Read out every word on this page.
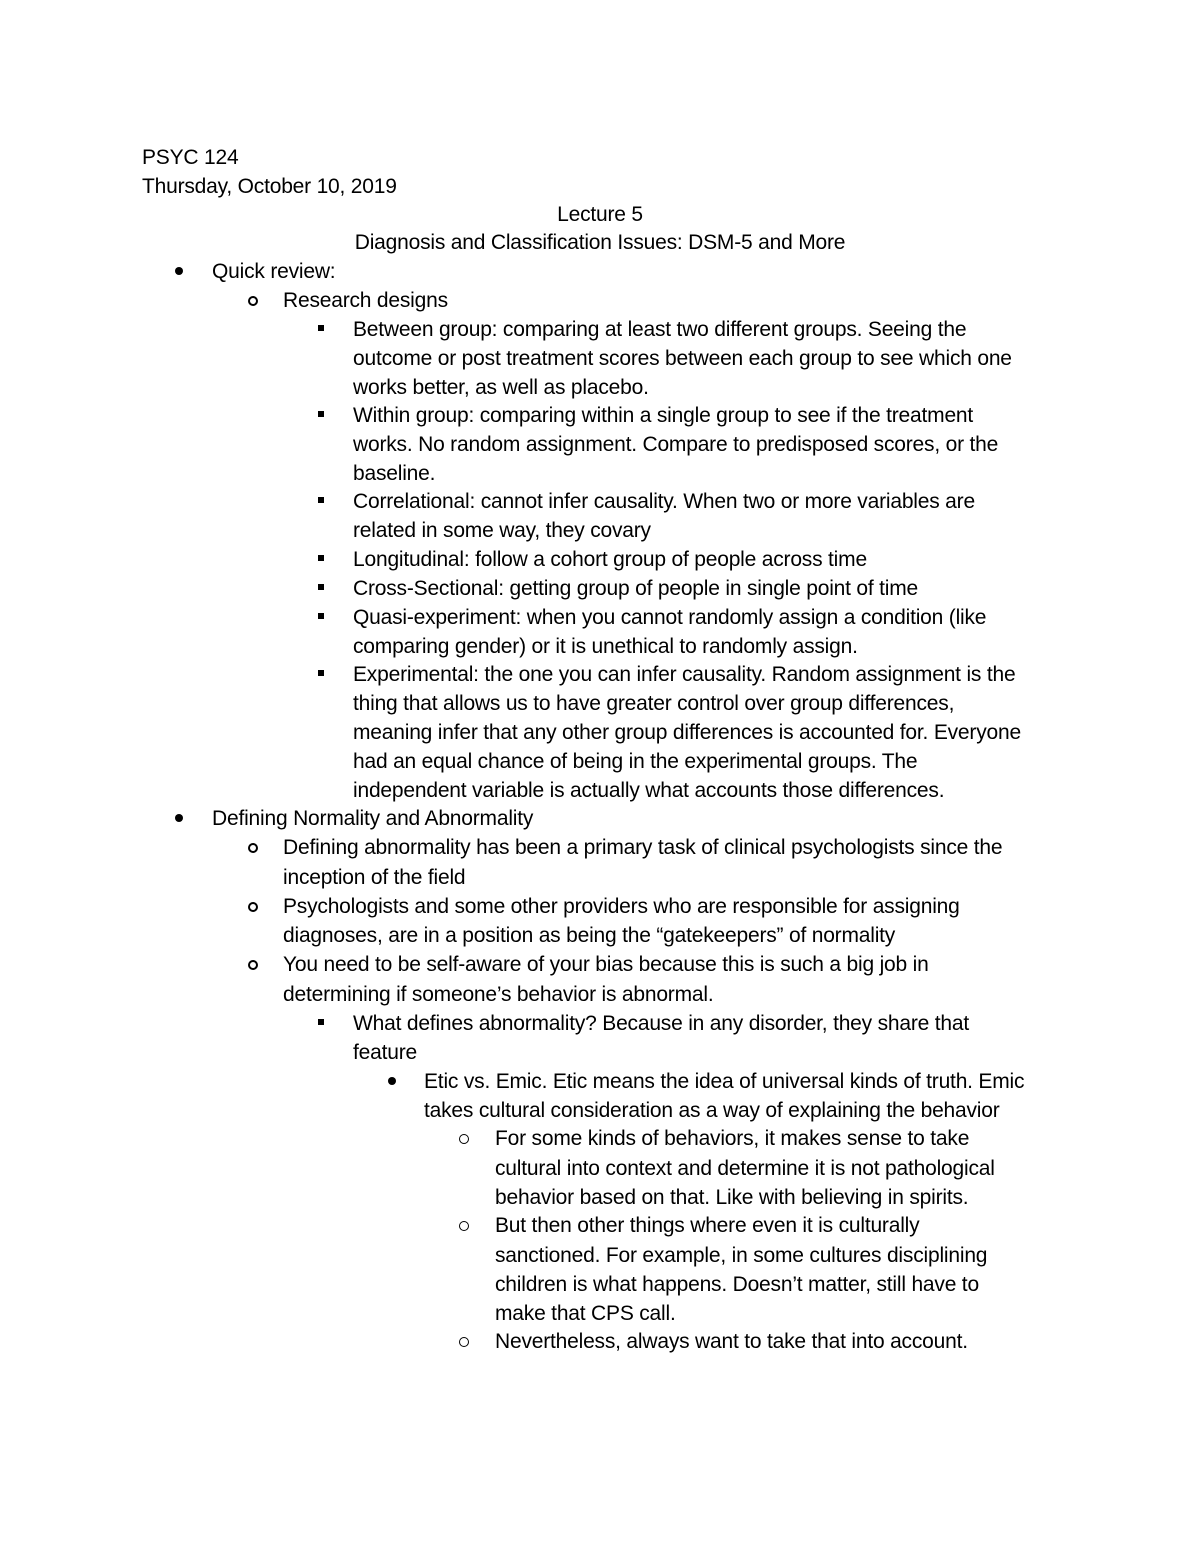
PSYC 124
Thursday, October 10, 2019
Lecture 5
Diagnosis and Classification Issues: DSM-5 and More
Quick review:
Research designs
Between group: comparing at least two different groups. Seeing the
outcome or post treatment scores between each group to see which one
works better, as well as placebo.
Within group: comparing within a single group to see if the treatment
works. No random assignment. Compare to predisposed scores, or the
baseline.
Correlational: cannot infer causality. When two or more variables are
related in some way, they covary
Longitudinal: follow a cohort group of people across time
Cross-Sectional: getting group of people in single point of time
Quasi-experiment: when you cannot randomly assign a condition (like
comparing gender) or it is unethical to randomly assign.
Experimental: the one you can infer causality. Random assignment is the
thing that allows us to have greater control over group differences,
meaning infer that any other group differences is accounted for. Everyone
had an equal chance of being in the experimental groups. The
independent variable is actually what accounts those differences.
Defining Normality and Abnormality
Defining abnormality has been a primary task of clinical psychologists since the
inception of the field
Psychologists and some other providers who are responsible for assigning
diagnoses, are in a position as being the “gatekeepers” of normality
You need to be self-aware of your bias because this is such a big job in
determining if someone’s behavior is abnormal.
What defines abnormality? Because in any disorder, they share that
feature
Etic vs. Emic. Etic means the idea of universal kinds of truth. Emic
takes cultural consideration as a way of explaining the behavior
For some kinds of behaviors, it makes sense to take
cultural into context and determine it is not pathological
behavior based on that. Like with believing in spirits.
But then other things where even it is culturally
sanctioned. For example, in some cultures disciplining
children is what happens. Doesn’t matter, still have to
make that CPS call.
Nevertheless, always want to take that into account.
